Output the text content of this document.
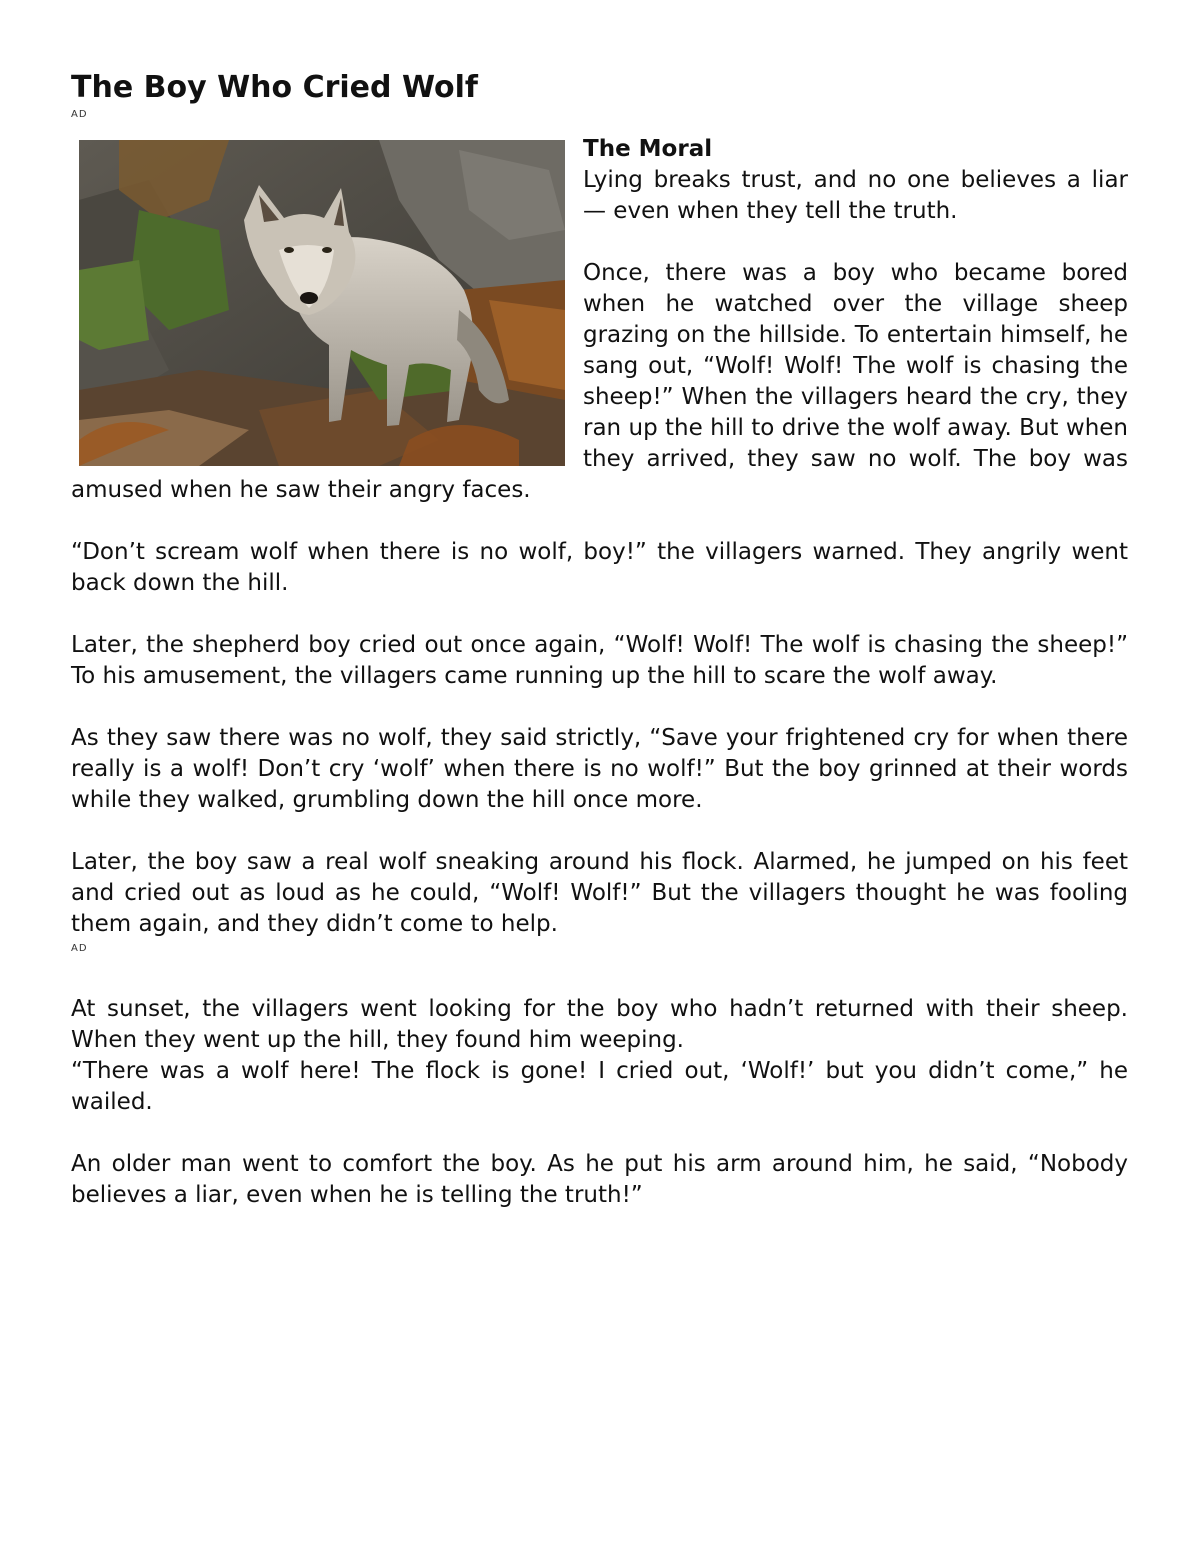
The Boy Who Cried Wolf
AD
The Moral

Lying breaks trust, and no one believes a liar — even when they tell the truth.

Once, there was a boy who became bored when he watched over the village sheep grazing on the hillside. To entertain himself, he sang out, “Wolf! Wolf! The wolf is chasing the sheep!” When the villagers heard the cry, they ran up the hill to drive the wolf away. But when they arrived, they saw no wolf. The boy was amused when he saw their angry faces.

“Don’t scream wolf when there is no wolf, boy!” the villagers warned. They angrily went back down the hill.

Later, the shepherd boy cried out once again, “Wolf! Wolf! The wolf is chasing the sheep!” To his amusement, the villagers came running up the hill to scare the wolf away.

As they saw there was no wolf, they said strictly, “Save your frightened cry for when there really is a wolf! Don’t cry ‘wolf’ when there is no wolf!” But the boy grinned at their words while they walked, grumbling down the hill once more.

Later, the boy saw a real wolf sneaking around his flock. Alarmed, he jumped on his feet and cried out as loud as he could, “Wolf! Wolf!” But the villagers thought he was fooling them again, and they didn’t come to help.

AD

At sunset, the villagers went looking for the boy who hadn’t returned with their sheep. When they went up the hill, they found him weeping.

“There was a wolf here! The flock is gone! I cried out, ‘Wolf!’ but you didn’t come,” he wailed.

An older man went to comfort the boy. As he put his arm around him, he said, “Nobody believes a liar, even when he is telling the truth!”
